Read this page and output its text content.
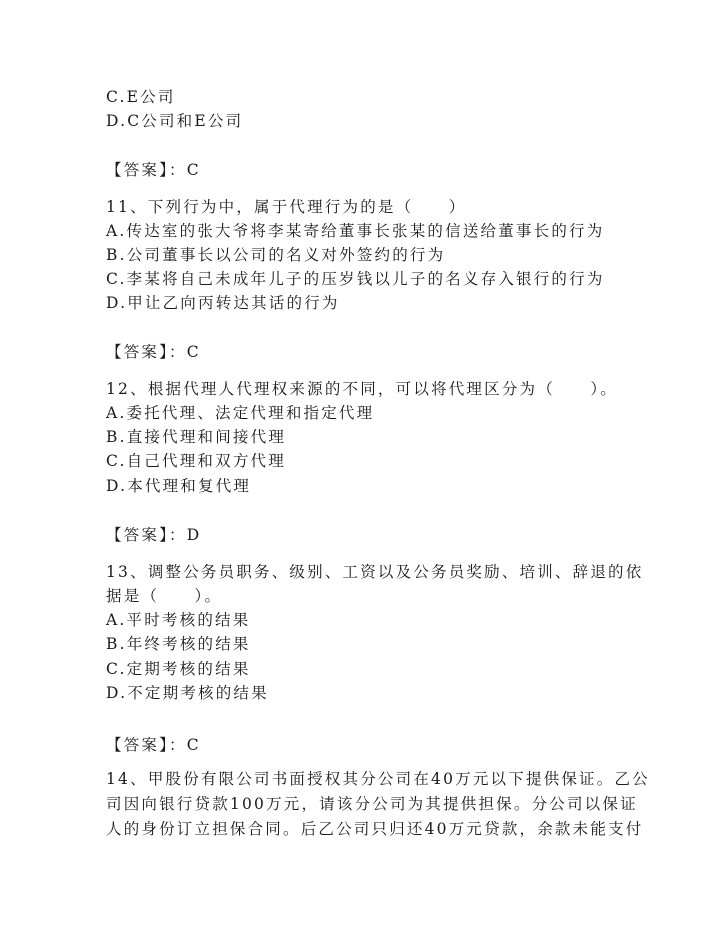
C.E公司
D.C公司和E公司
【答案】：C
11、下列行为中，属于代理行为的是（　　）
A.传达室的张大爷将李某寄给董事长张某的信送给董事长的行为
B.公司董事长以公司的名义对外签约的行为
C.李某将自己未成年儿子的压岁钱以儿子的名义存入银行的行为
D.甲让乙向丙转达其话的行为
【答案】：C
12、根据代理人代理权来源的不同，可以将代理区分为（　　）。
A.委托代理、法定代理和指定代理
B.直接代理和间接代理
C.自己代理和双方代理
D.本代理和复代理
【答案】：D
13、调整公务员职务、级别、工资以及公务员奖励、培训、辞退的依
据是（　　）。
A.平时考核的结果
B.年终考核的结果
C.定期考核的结果
D.不定期考核的结果
【答案】：C
14、甲股份有限公司书面授权其分公司在40万元以下提供保证。乙公
司因向银行贷款100万元，请该分公司为其提供担保。分公司以保证
人的身份订立担保合同。后乙公司只归还40万元贷款，余款未能支付
